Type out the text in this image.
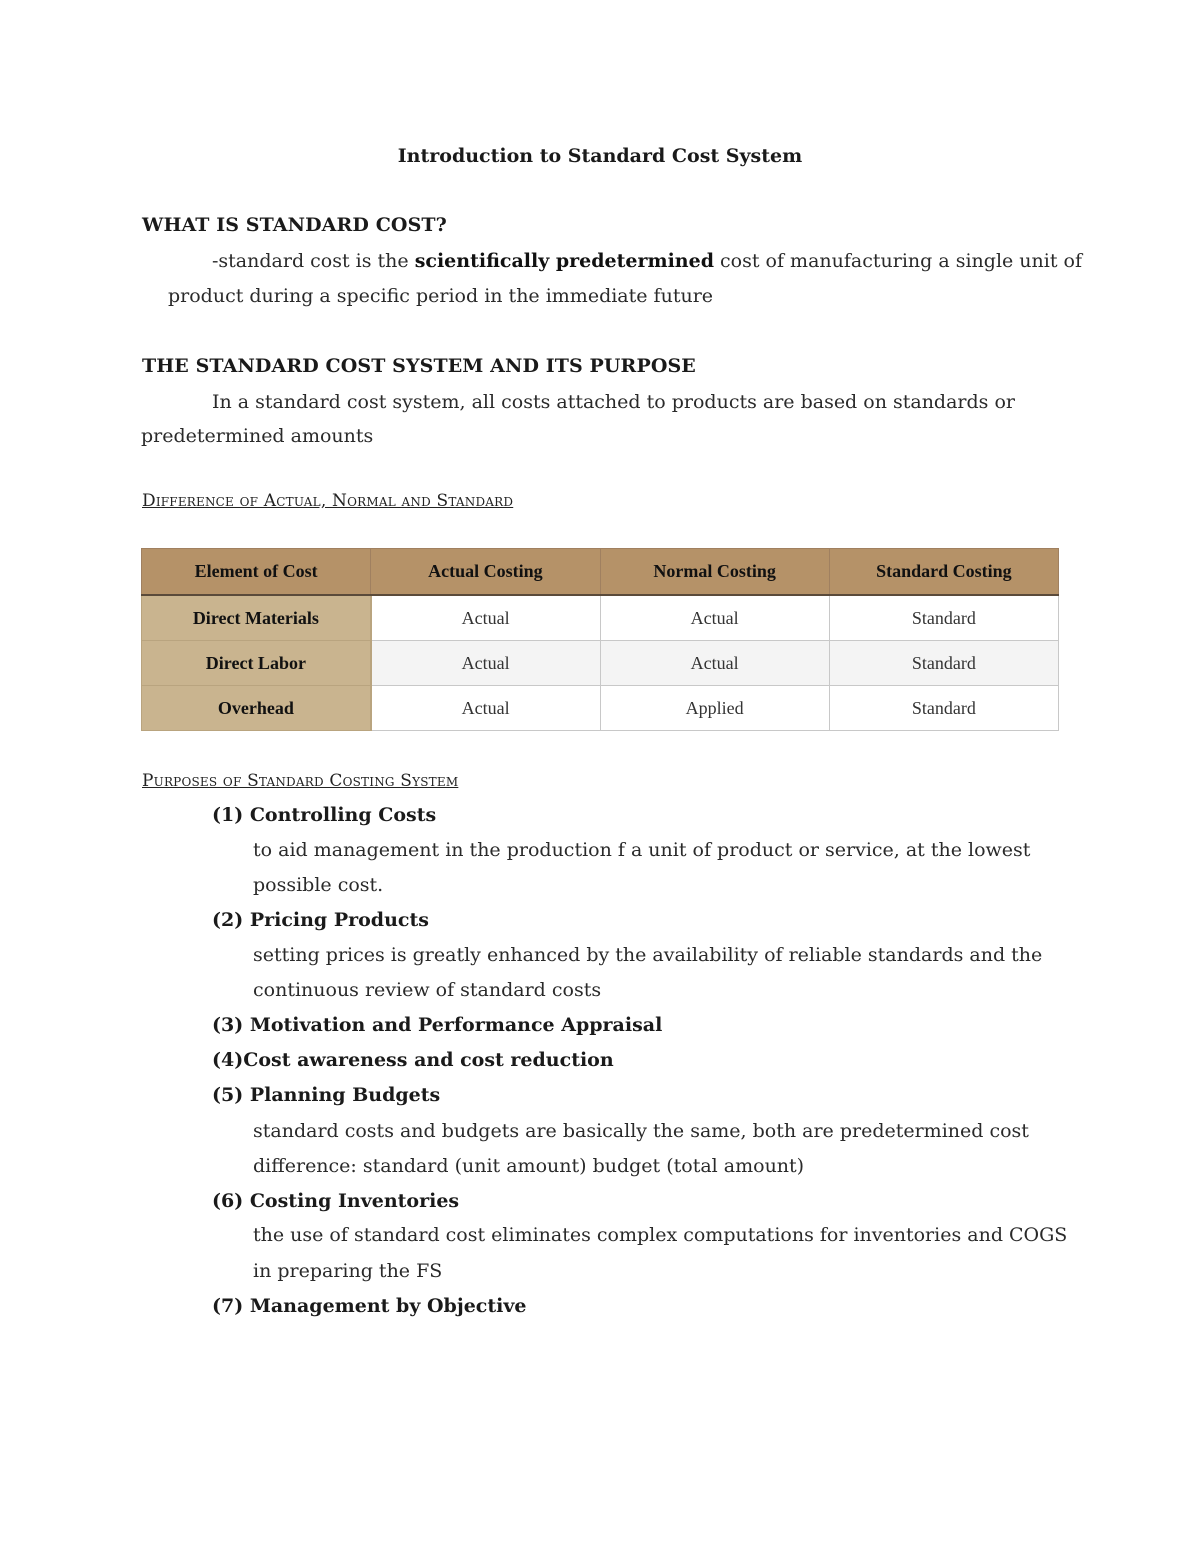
Introduction to Standard Cost System
WHAT IS STANDARD COST?
-standard cost is the scientifically predetermined cost of manufacturing a single unit of
product during a specific period in the immediate future
THE STANDARD COST SYSTEM AND ITS PURPOSE
In a standard cost system, all costs attached to products are based on standards or
predetermined amounts
Difference of Actual, Normal and Standard
Element of Cost	Actual Costing	Normal Costing	Standard Costing
Direct Materials	Actual	Actual	Standard
Direct Labor	Actual	Actual	Standard
Overhead	Actual	Applied	Standard
Purposes of Standard Costing System
(1) Controlling Costs
to aid management in the production f a unit of product or service, at the lowest
possible cost.
(2) Pricing Products
setting prices is greatly enhanced by the availability of reliable standards and the
continuous review of standard costs
(3) Motivation and Performance Appraisal
(4)Cost awareness and cost reduction
(5) Planning Budgets
standard costs and budgets are basically the same, both are predetermined cost
difference: standard (unit amount) budget (total amount)
(6) Costing Inventories
the use of standard cost eliminates complex computations for inventories and COGS
in preparing the FS
(7) Management by Objective
